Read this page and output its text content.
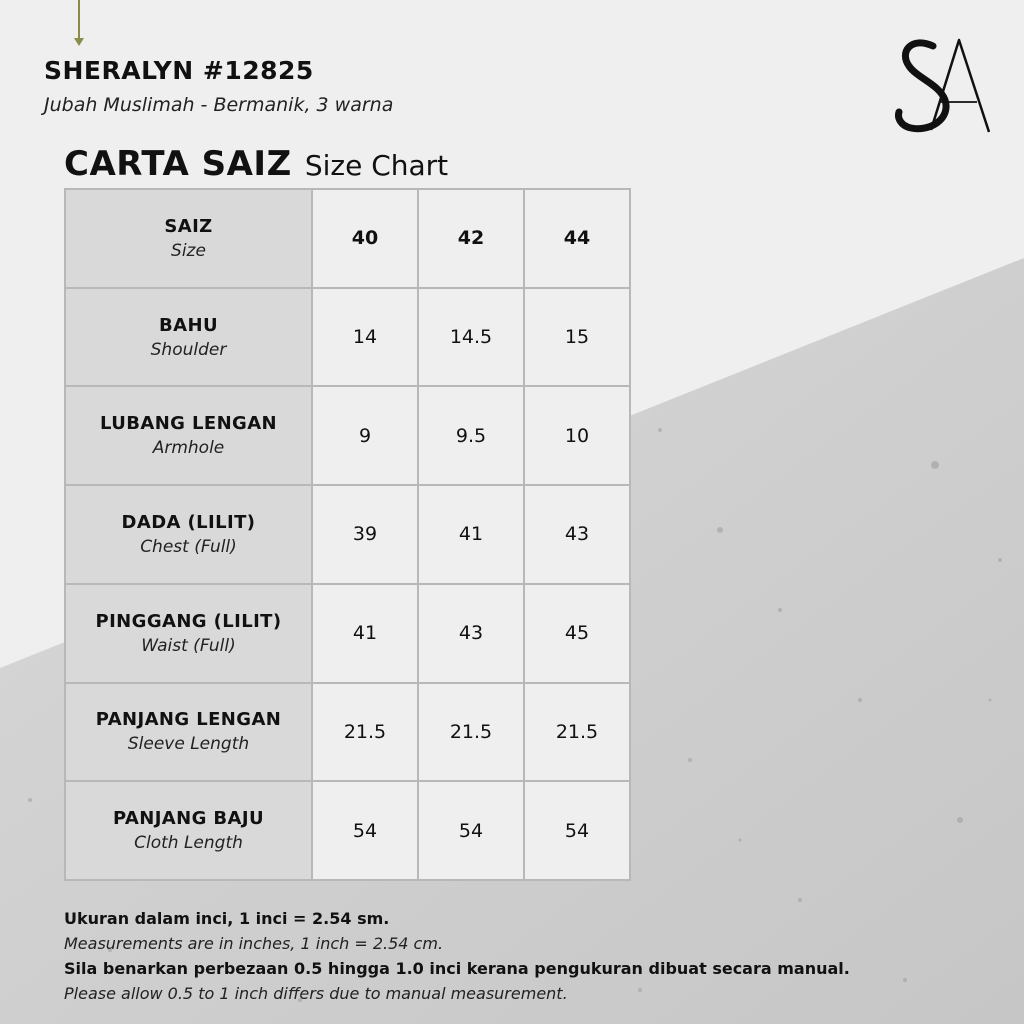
SHERALYN #12825
Jubah Muslimah - Bermanik, 3 warna
CARTA SAIZ Size Chart
SAIZ
Size	40	42	44

BAHU
Shoulder	14	14.5	15

LUBANG LENGAN
Armhole	9	9.5	10

DADA (LILIT)
Chest (Full)	39	41	43

PINGGANG (LILIT)
Waist (Full)	41	43	45

PANJANG LENGAN
Sleeve Length	21.5	21.5	21.5

PANJANG BAJU
Cloth Length	54	54	54
Ukuran dalam inci, 1 inci = 2.54 sm.
Measurements are in inches, 1 inch = 2.54 cm.
Sila benarkan perbezaan 0.5 hingga 1.0 inci kerana pengukuran dibuat secara manual.
Please allow 0.5 to 1 inch differs due to manual measurement.
